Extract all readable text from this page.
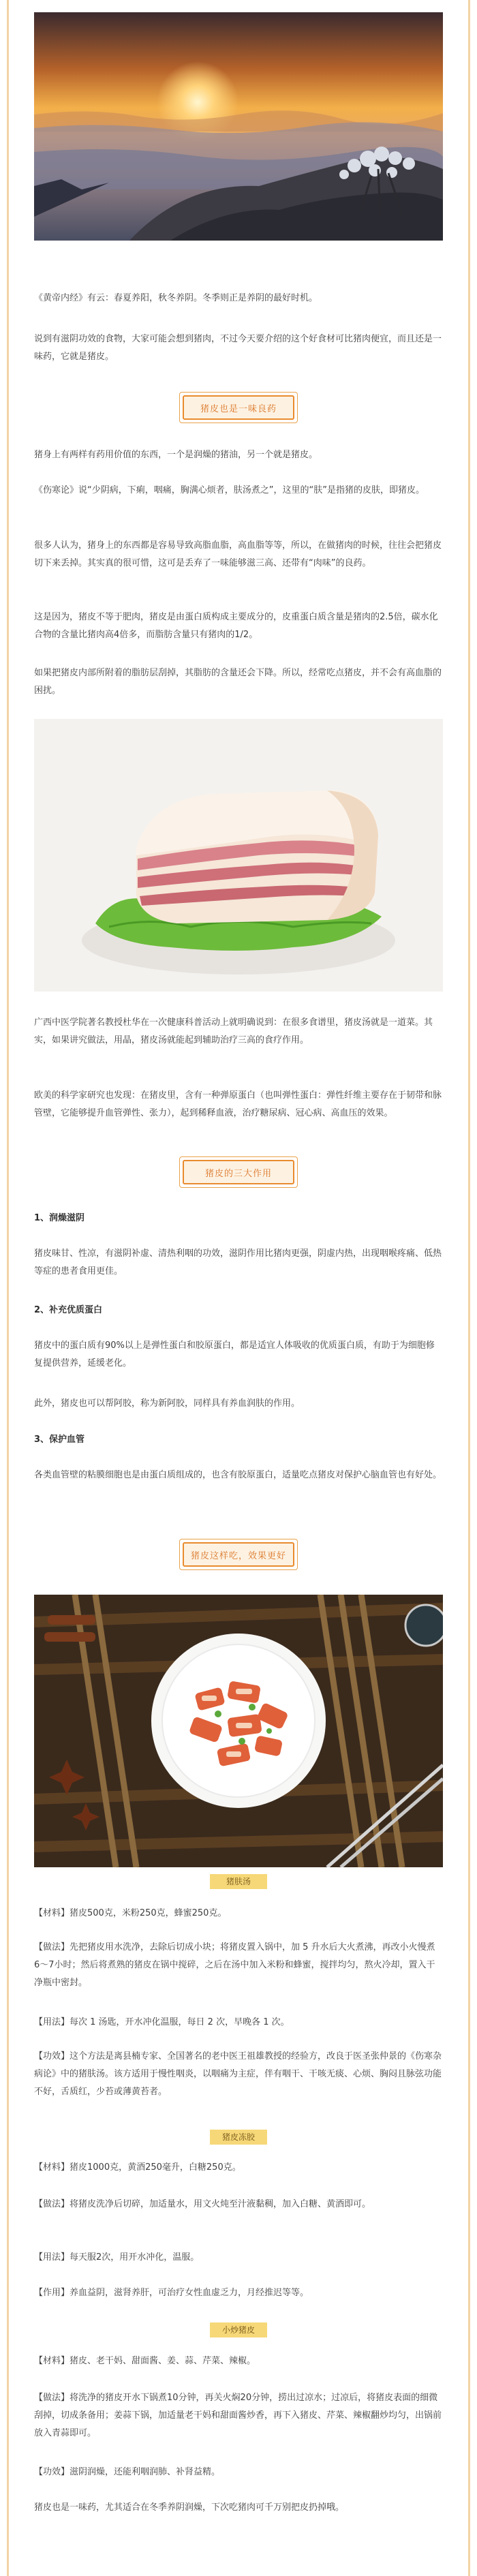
《黄帝内经》有云：春夏养阳，秋冬养阴。冬季则正是养阴的最好时机。

说到有滋阴功效的食物，大家可能会想到猪肉，不过今天要介绍的这个好食材可比猪肉便宜，而且还是一味药，它就是猪皮。

猪皮也是一味良药

猪身上有两样有药用价值的东西，一个是润燥的猪油，另一个就是猪皮。

《伤寒论》说“少阴病，下痢，咽痛，胸满心烦者，肤汤煮之”，这里的“肤”是指猪的皮肤，即猪皮。

很多人认为，猪身上的东西都是容易导致高脂血脂，高血脂等等，所以，在做猪肉的时候，往往会把猪皮切下来丢掉。其实真的很可惜，这可是丢弃了一味能够滋三高、还带有“肉味”的良药。

这是因为，猪皮不等于肥肉，猪皮是由蛋白质构成主要成分的，皮重蛋白质含量是猪肉的2.5倍，碳水化合物的含量比猪肉高4倍多，而脂肪含量只有猪肉的1/2。

如果把猪皮内部所附着的脂肪层刮掉，其脂肪的含量还会下降。所以，经常吃点猪皮，并不会有高血脂的困扰。

广西中医学院著名教授杜华在一次健康科普活动上就明确说到：在很多食谱里，猪皮汤就是一道菜。其实，如果讲究做法，用晶，猪皮汤就能起到辅助治疗三高的食疗作用。

欧美的科学家研究也发现：在猪皮里，含有一种弹原蛋白（也叫弹性蛋白：弹性纤维主要存在于韧带和脉管壁，它能够提升血管弹性、张力），起到稀释血液，治疗糖尿病、冠心病、高血压的效果。

猪皮的三大作用
1、润燥滋阴

猪皮味甘、性凉，有滋阴补虚、清热利咽的功效，滋阴作用比猪肉更强，阴虚内热，出现咽喉疼痛、低热等症的患者食用更佳。

2、补充优质蛋白

猪皮中的蛋白质有90%以上是弹性蛋白和胶原蛋白，都是适宜人体吸收的优质蛋白质，有助于为细胞修复提供营养，延缓老化。

此外，猪皮也可以帮阿胶，称为新阿胶，同样具有养血润肤的作用。

3、保护血管

各类血管壁的粘膜细胞也是由蛋白质组成的，也含有胶原蛋白，适量吃点猪皮对保护心脑血管也有好处。

猪皮这样吃，效果更好
猪肤汤

【材料】猪皮500克，米粉250克，蜂蜜250克。

【做法】先把猪皮用水洗净，去除后切成小块；将猪皮置入锅中，加 5 升水后大火煮沸，再改小火慢煮 6～7小时；然后将煮熟的猪皮在锅中搅碎，之后在汤中加入米粉和蜂蜜，搅拌均匀，熬火冷却，置入干净瓶中密封。

【用法】每次 1 汤匙，开水冲化温服，每日 2 次，早晚各 1 次。

【功效】这个方法是离县楠专家、全国著名的老中医王祖雄教授的经验方，改良于医圣张仲景的《伤寒杂病论》中的猪肤汤。该方适用于慢性咽炎，以咽痛为主症，伴有咽干、干咳无痰、心烦、胸闷且脉弦功能不好，舌质红，少苔或薄黄苔者。

猪皮冻胶

【材料】猪皮1000克，黄酒250毫升，白糖250克。

【做法】将猪皮洗净后切碎，加适量水，用文火炖至汁液黏稠，加入白糖、黄酒即可。

【用法】每天服2次，用开水冲化，温服。

【作用】养血益阴，滋肾养肝，可治疗女性血虚乏力，月经推迟等等。

小炒猪皮

【材料】猪皮、老干妈、甜面酱、姜、蒜、芹菜、辣椒。

【做法】将洗净的猪皮开水下锅煮10分钟，再关火焖20分钟，捞出过凉水；过凉后，将猪皮表面的细微刮掉，切成条备用；姜蒜下锅，加适量老干妈和甜面酱炒香，再下入猪皮、芹菜、辣椒翻炒均匀，出锅前放入青蒜即可。

【功效】滋阴润燥，还能利咽润肺、补肾益精。

猪皮也是一味药，尤其适合在冬季养阴润燥，下次吃猪肉可千万别把皮扔掉哦。
